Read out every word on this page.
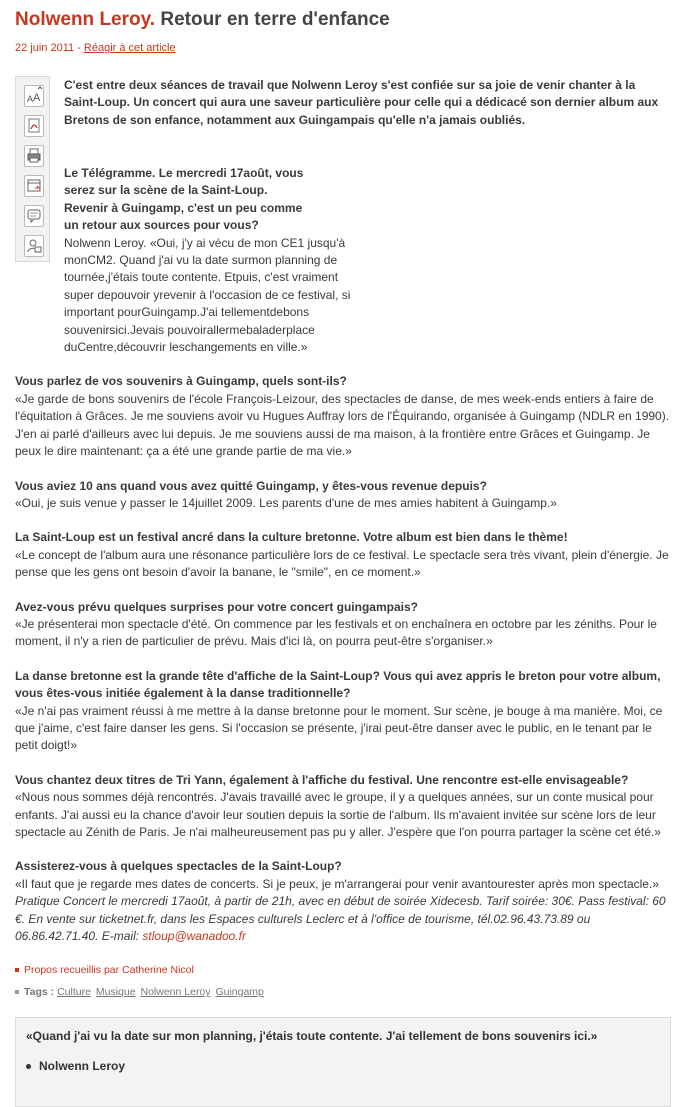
Nolwenn Leroy. Retour en terre d'enfance
22 juin 2011 - Réagir à cet article
A A
C'est entre deux séances de travail que Nolwenn Leroy s'est confiée sur sa joie de venir chanter à la Saint-Loup. Un concert qui aura une saveur particulière pour celle qui a dédicacé son dernier album aux Bretons de son enfance, notamment aux Guingampais qu'elle n'a jamais oubliés.

Le Télégramme. Le mercredi 17août, vous serez sur la scène de la Saint-Loup. Revenir à Guingamp, c'est un peu comme un retour aux sources pour vous?
Nolwenn Leroy. «Oui, j'y ai vécu de mon CE1 jusqu'à monCM2. Quand j'ai vu la date surmon planning de tournée,j'étais toute contente. Etpuis, c'est vraiment super depouvoir yrevenir à l'occasion de ce festival, si important pourGuingamp.J'ai tellementdebons souvenirsici.Jevais pouvoirallermebaladerplace duCentre,découvrir leschangements en ville.»

Vous parlez de vos souvenirs à Guingamp, quels sont-ils?
«Je garde de bons souvenirs de l'école François-Leizour, des spectacles de danse, de mes week-ends entiers à faire de l'équitation à Grâces. Je me souviens avoir vu Hugues Auffray lors de l'Équirando, organisée à Guingamp (NDLR en 1990). J'en ai parlé d'ailleurs avec lui depuis. Je me souviens aussi de ma maison, à la frontière entre Grâces et Guingamp. Je peux le dire maintenant: ça a été une grande partie de ma vie.»

Vous aviez 10 ans quand vous avez quitté Guingamp, y êtes-vous revenue depuis?
«Oui, je suis venue y passer le 14juillet 2009. Les parents d'une de mes amies habitent à Guingamp.»

La Saint-Loup est un festival ancré dans la culture bretonne. Votre album est bien dans le thème!
«Le concept de l'album aura une résonance particulière lors de ce festival. Le spectacle sera très vivant, plein d'énergie. Je pense que les gens ont besoin d'avoir la banane, le "smile", en ce moment.»

Avez-vous prévu quelques surprises pour votre concert guingampais?
«Je présenterai mon spectacle d'été. On commence par les festivals et on enchaînera en octobre par les zéniths. Pour le moment, il n'y a rien de particulier de prévu. Mais d'ici là, on pourra peut-être s'organiser.»

La danse bretonne est la grande tête d'affiche de la Saint-Loup? Vous qui avez appris le breton pour votre album, vous êtes-vous initiée également à la danse traditionnelle?
«Je n'ai pas vraiment réussi à me mettre à la danse bretonne pour le moment. Sur scène, je bouge à ma manière. Moi, ce que j'aime, c'est faire danser les gens. Si l'occasion se présente, j'irai peut-être danser avec le public, en le tenant par le petit doigt!»

Vous chantez deux titres de Tri Yann, également à l'affiche du festival. Une rencontre est-elle envisageable?
«Nous nous sommes déjà rencontrés. J'avais travaillé avec le groupe, il y a quelques années, sur un conte musical pour enfants. J'ai aussi eu la chance d'avoir leur soutien depuis la sortie de l'album. Ils m'avaient invitée sur scène lors de leur spectacle au Zénith de Paris. Je n'ai malheureusement pas pu y aller. J'espère que l'on pourra partager la scène cet été.»

Assisterez-vous à quelques spectacles de la Saint-Loup?
«Il faut que je regarde mes dates de concerts. Si je peux, je m'arrangerai pour venir avantourester après mon spectacle.» Pratique Concert le mercredi 17août, à partir de 21h, avec en début de soirée Xidecesb. Tarif soirée: 30€. Pass festival: 60 €. En vente sur ticketnet.fr, dans les Espaces culturels Leclerc et à l'office de tourisme, tél.02.96.43.73.89 ou 06.86.42.71.40. E-mail: stloup@wanadoo.fr

Propos recueillis par Catherine Nicol
Tags : Culture Musique Nolwenn Leroy Guingamp
«Quand j'ai vu la date sur mon planning, j'étais toute contente. J'ai tellement de bons souvenirs ici.»
Nolwenn Leroy
